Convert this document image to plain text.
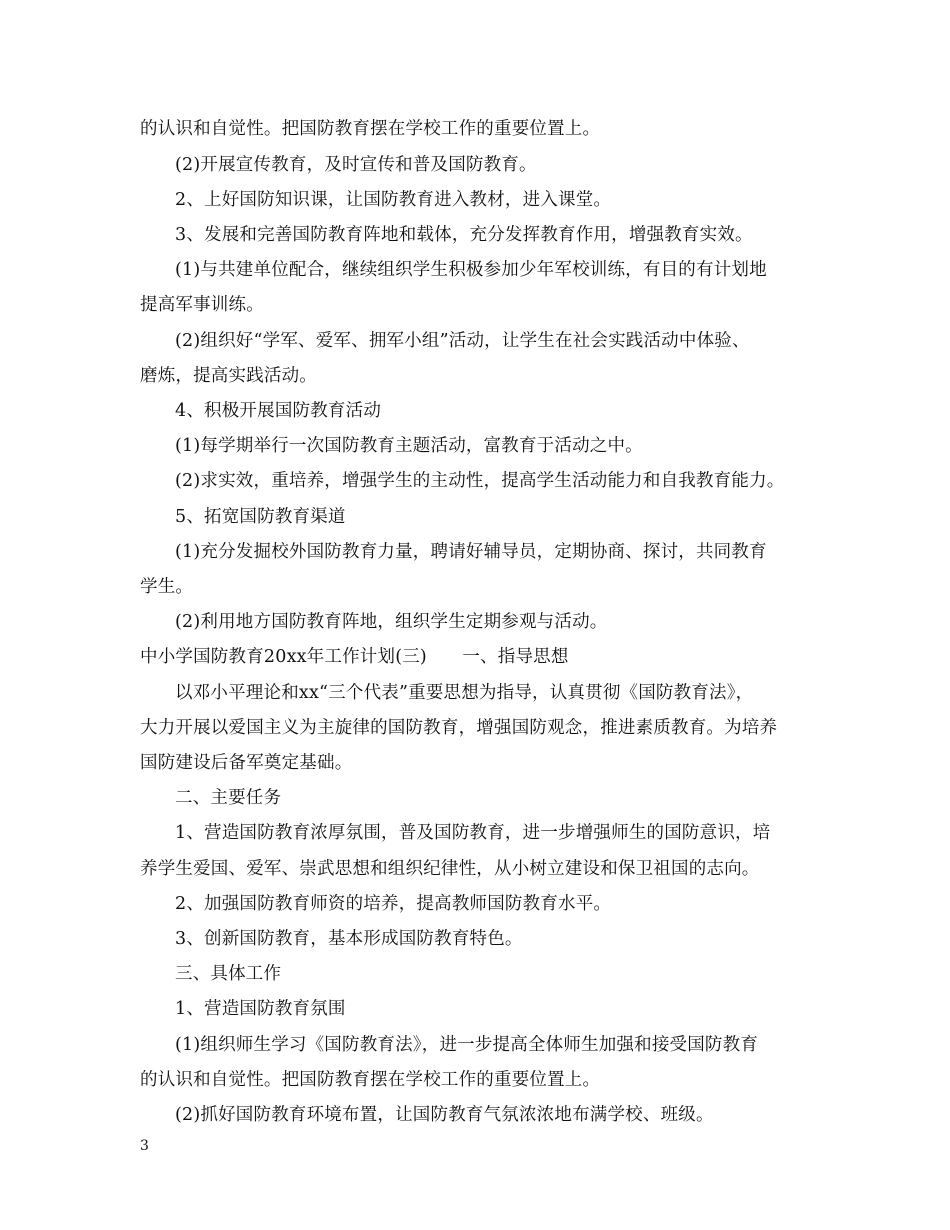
的认识和自觉性。把国防教育摆在学校工作的重要位置上。
(2)开展宣传教育，及时宣传和普及国防教育。
2、上好国防知识课，让国防教育进入教材，进入课堂。
3、发展和完善国防教育阵地和载体，充分发挥教育作用，增强教育实效。
(1)与共建单位配合，继续组织学生积极参加少年军校训练，有目的有计划地
提高军事训练。
(2)组织好“学军、爱军、拥军小组”活动，让学生在社会实践活动中体验、
磨炼，提高实践活动。
4、积极开展国防教育活动
(1)每学期举行一次国防教育主题活动，富教育于活动之中。
(2)求实效，重培养，增强学生的主动性，提高学生活动能力和自我教育能力。
5、拓宽国防教育渠道
(1)充分发掘校外国防教育力量，聘请好辅导员，定期协商、探讨，共同教育
学生。
(2)利用地方国防教育阵地，组织学生定期参观与活动。
中小学国防教育20xx年工作计划(三)　　一、指导思想
以邓小平理论和xx“三个代表”重要思想为指导，认真贯彻《国防教育法》，
大力开展以爱国主义为主旋律的国防教育，增强国防观念，推进素质教育。为培养
国防建设后备军奠定基础。
二、主要任务
1、营造国防教育浓厚氛围，普及国防教育，进一步增强师生的国防意识，培
养学生爱国、爱军、崇武思想和组织纪律性，从小树立建设和保卫祖国的志向。
2、加强国防教育师资的培养，提高教师国防教育水平。
3、创新国防教育，基本形成国防教育特色。
三、具体工作
1、营造国防教育氛围
(1)组织师生学习《国防教育法》，进一步提高全体师生加强和接受国防教育
的认识和自觉性。把国防教育摆在学校工作的重要位置上。
(2)抓好国防教育环境布置，让国防教育气氛浓浓地布满学校、班级。
3
